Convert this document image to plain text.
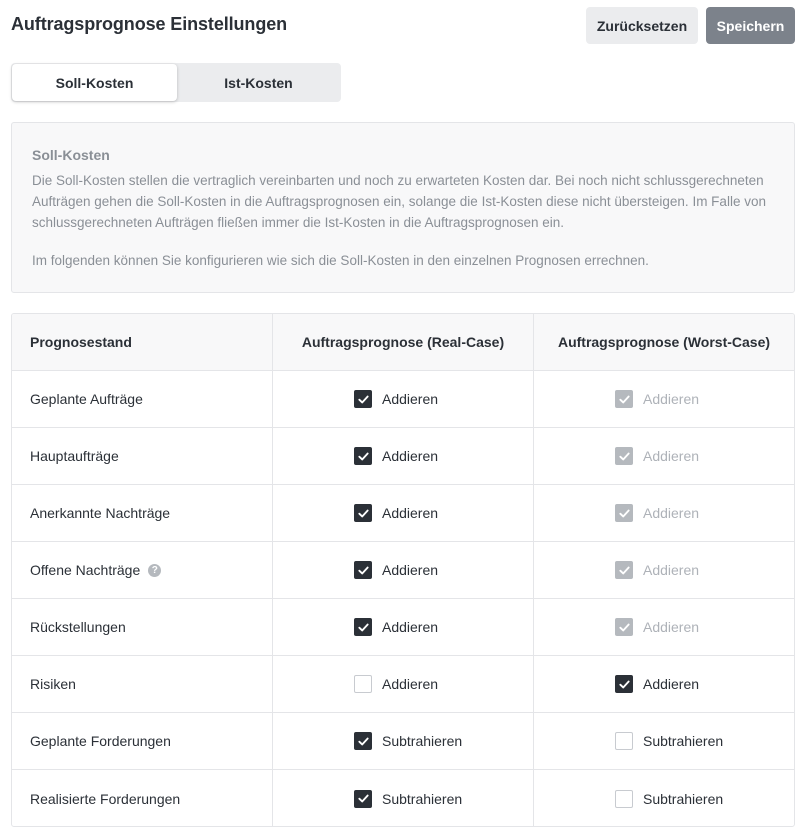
Auftragsprognose Einstellungen	Zurücksetzen	Speichern
Soll-Kosten	Ist-Kosten
Soll-Kosten
Die Soll-Kosten stellen die vertraglich vereinbarten und noch zu erwarteten Kosten dar. Bei noch nicht schlussgerechneten Aufträgen gehen die Soll-Kosten in die Auftragsprognosen ein, solange die Ist-Kosten diese nicht übersteigen. Im Falle von schlussgerechneten Aufträgen fließen immer die Ist-Kosten in die Auftragsprognosen ein.
Im folgenden können Sie konfigurieren wie sich die Soll-Kosten in den einzelnen Prognosen errechnen.
Prognosestand	Auftragsprognose (Real-Case)	Auftragsprognose (Worst-Case)
Geplante Aufträge	Addieren	Addieren
Hauptaufträge	Addieren	Addieren
Anerkannte Nachträge	Addieren	Addieren
Offene Nachträge	?	Addieren	Addieren
Rückstellungen	Addieren	Addieren
Risiken	Addieren	Addieren
Geplante Forderungen	Subtrahieren	Subtrahieren
Realisierte Forderungen	Subtrahieren	Subtrahieren
